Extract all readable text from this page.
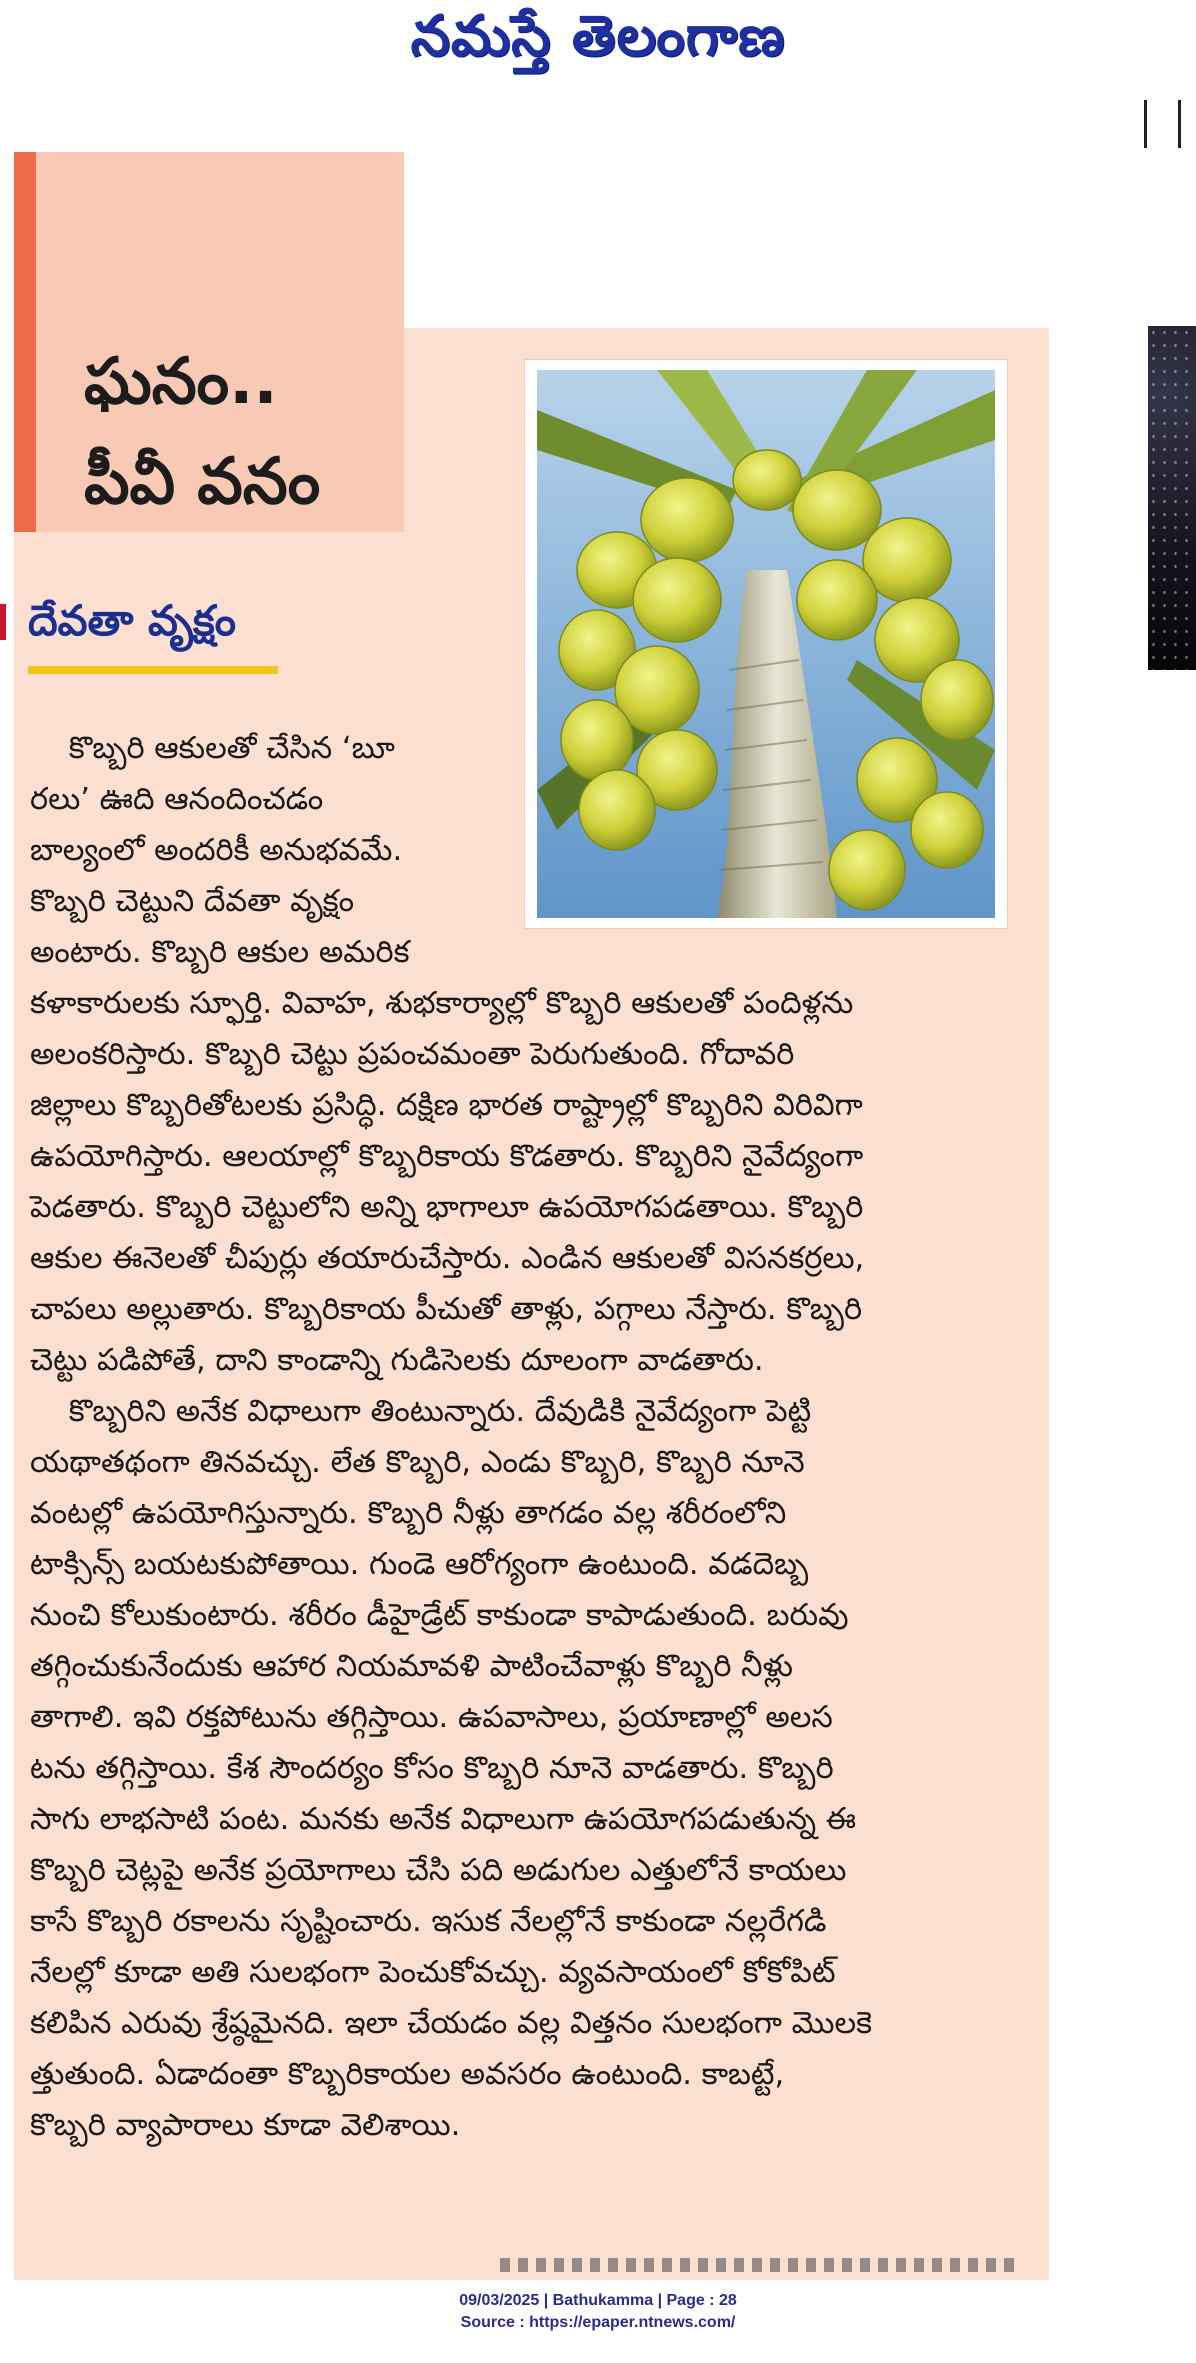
నమస్తే తెలంగాణ
ఘనం..
పీవీ వనం
దేవతా వృక్షం
కొబ్బరి ఆకులతో చేసిన ‘బూ
రలు’ ఊది ఆనందించడం
బాల్యంలో అందరికీ అనుభవమే.
కొబ్బరి చెట్టుని దేవతా వృక్షం
అంటారు. కొబ్బరి ఆకుల అమరిక
కళాకారులకు స్ఫూర్తి. వివాహ, శుభకార్యాల్లో కొబ్బరి ఆకులతో పందిళ్లను
అలంకరిస్తారు. కొబ్బరి చెట్టు ప్రపంచమంతా పెరుగుతుంది. గోదావరి
జిల్లాలు కొబ్బరితోటలకు ప్రసిద్ధి. దక్షిణ భారత రాష్ట్రాల్లో కొబ్బరిని విరివిగా
ఉపయోగిస్తారు. ఆలయాల్లో కొబ్బరికాయ కొడతారు. కొబ్బరిని నైవేద్యంగా
పెడతారు. కొబ్బరి చెట్టులోని అన్ని భాగాలూ ఉపయోగపడతాయి. కొబ్బరి
ఆకుల ఈనెలతో చీపుర్లు తయారుచేస్తారు. ఎండిన ఆకులతో విసనకర్రలు,
చాపలు అల్లుతారు. కొబ్బరికాయ పీచుతో తాళ్లు, పగ్గాలు నేస్తారు. కొబ్బరి
చెట్టు పడిపోతే, దాని కాండాన్ని గుడిసెలకు దూలంగా వాడతారు.
కొబ్బరిని అనేక విధాలుగా తింటున్నారు. దేవుడికి నైవేద్యంగా పెట్టి
యథాతథంగా తినవచ్చు. లేత కొబ్బరి, ఎండు కొబ్బరి, కొబ్బరి నూనె
వంటల్లో ఉపయోగిస్తున్నారు. కొబ్బరి నీళ్లు తాగడం వల్ల శరీరంలోని
టాక్సిన్స్ బయటకుపోతాయి. గుండె ఆరోగ్యంగా ఉంటుంది. వడదెబ్బ
నుంచి కోలుకుంటారు. శరీరం డీహైడ్రేట్ కాకుండా కాపాడుతుంది. బరువు
తగ్గించుకునేందుకు ఆహార నియమావళి పాటించేవాళ్లు కొబ్బరి నీళ్లు
తాగాలి. ఇవి రక్తపోటును తగ్గిస్తాయి. ఉపవాసాలు, ప్రయాణాల్లో అలస
టను తగ్గిస్తాయి. కేశ సౌందర్యం కోసం కొబ్బరి నూనె వాడతారు. కొబ్బరి
సాగు లాభసాటి పంట. మనకు అనేక విధాలుగా ఉపయోగపడుతున్న ఈ
కొబ్బరి చెట్లపై అనేక ప్రయోగాలు చేసి పది అడుగుల ఎత్తులోనే కాయలు
కాసే కొబ్బరి రకాలను సృష్టించారు. ఇసుక నేలల్లోనే కాకుండా నల్లరేగడి
నేలల్లో కూడా అతి సులభంగా పెంచుకోవచ్చు. వ్యవసాయంలో కోకోపిట్
కలిపిన ఎరువు శ్రేష్ఠమైనది. ఇలా చేయడం వల్ల విత్తనం సులభంగా మొలకె
త్తుతుంది. ఏడాదంతా కొబ్బరికాయల అవసరం ఉంటుంది. కాబట్టే,
కొబ్బరి వ్యాపారాలు కూడా వెలిశాయి.
09/03/2025 | Bathukamma | Page : 28
Source : https://epaper.ntnews.com/
